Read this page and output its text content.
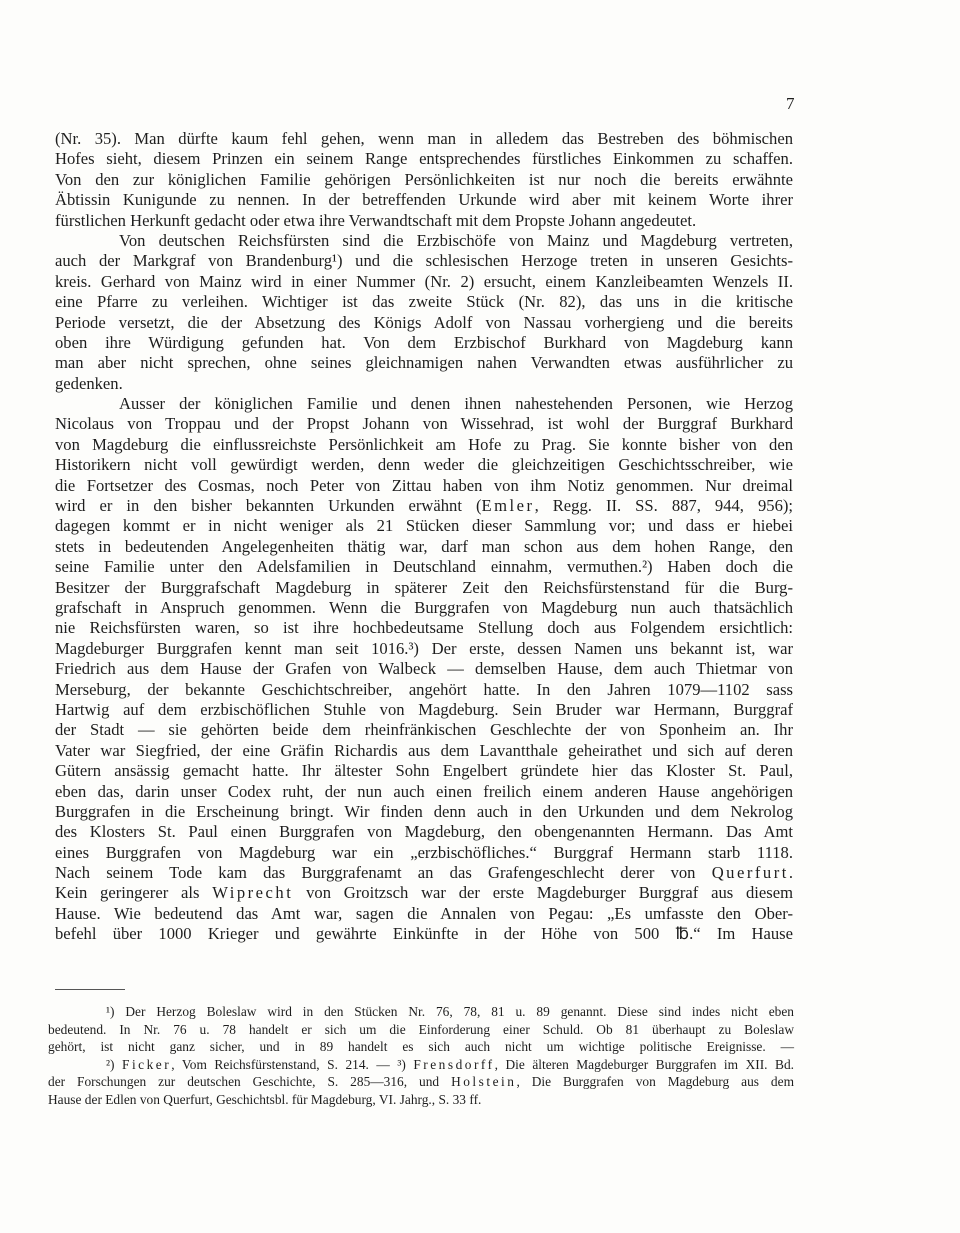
7
(Nr. 35). Man dürfte kaum fehl gehen, wenn man in alledem das Bestreben des böhmischen
Hofes sieht, diesem Prinzen ein seinem Range entsprechendes fürstliches Einkommen zu schaffen.
Von den zur königlichen Familie gehörigen Persönlichkeiten ist nur noch die bereits erwähnte
Äbtissin Kunigunde zu nennen. In der betreffenden Urkunde wird aber mit keinem Worte ihrer
fürstlichen Herkunft gedacht oder etwa ihre Verwandtschaft mit dem Propste Johann angedeutet.
Von deutschen Reichsfürsten sind die Erzbischöfe von Mainz und Magdeburg vertreten,
auch der Markgraf von Brandenburg¹) und die schlesischen Herzoge treten in unseren Gesichts-
kreis. Gerhard von Mainz wird in einer Nummer (Nr. 2) ersucht, einem Kanzleibeamten Wenzels II.
eine Pfarre zu verleihen. Wichtiger ist das zweite Stück (Nr. 82), das uns in die kritische
Periode versetzt, die der Absetzung des Königs Adolf von Nassau vorhergieng und die bereits
oben ihre Würdigung gefunden hat. Von dem Erzbischof Burkhard von Magdeburg kann
man aber nicht sprechen, ohne seines gleichnamigen nahen Verwandten etwas ausführlicher zu
gedenken.
Ausser der königlichen Familie und denen ihnen nahestehenden Personen, wie Herzog
Nicolaus von Troppau und der Propst Johann von Wissehrad, ist wohl der Burggraf Burkhard
von Magdeburg die einflussreichste Persönlichkeit am Hofe zu Prag. Sie konnte bisher von den
Historikern nicht voll gewürdigt werden, denn weder die gleichzeitigen Geschichtsschreiber, wie
die Fortsetzer des Cosmas, noch Peter von Zittau haben von ihm Notiz genommen. Nur dreimal
wird er in den bisher bekannten Urkunden erwähnt (Emler, Regg. II. SS. 887, 944, 956);
dagegen kommt er in nicht weniger als 21 Stücken dieser Sammlung vor; und dass er hiebei
stets in bedeutenden Angelegenheiten thätig war, darf man schon aus dem hohen Range, den
seine Familie unter den Adelsfamilien in Deutschland einnahm, vermuthen.²) Haben doch die
Besitzer der Burggrafschaft Magdeburg in späterer Zeit den Reichsfürstenstand für die Burg-
grafschaft in Anspruch genommen. Wenn die Burggrafen von Magdeburg nun auch thatsächlich
nie Reichsfürsten waren, so ist ihre hochbedeutsame Stellung doch aus Folgendem ersichtlich:
Magdeburger Burggrafen kennt man seit 1016.³) Der erste, dessen Namen uns bekannt ist, war
Friedrich aus dem Hause der Grafen von Walbeck — demselben Hause, dem auch Thietmar von
Merseburg, der bekannte Geschichtschreiber, angehört hatte. In den Jahren 1079—1102 sass
Hartwig auf dem erzbischöflichen Stuhle von Magdeburg. Sein Bruder war Hermann, Burggraf
der Stadt — sie gehörten beide dem rheinfränkischen Geschlechte der von Sponheim an. Ihr
Vater war Siegfried, der eine Gräfin Richardis aus dem Lavantthale geheirathet und sich auf deren
Gütern ansässig gemacht hatte. Ihr ältester Sohn Engelbert gründete hier das Kloster St. Paul,
eben das, darin unser Codex ruht, der nun auch einen freilich einem anderen Hause angehörigen
Burggrafen in die Erscheinung bringt. Wir finden denn auch in den Urkunden und dem Nekrolog
des Klosters St. Paul einen Burggrafen von Magdeburg, den obengenannten Hermann. Das Amt
eines Burggrafen von Magdeburg war ein „erzbischöfliches.“ Burggraf Hermann starb 1118.
Nach seinem Tode kam das Burggrafenamt an das Grafengeschlecht derer von Querfurt.
Kein geringerer als Wiprecht von Groitzsch war der erste Magdeburger Burggraf aus diesem
Hause. Wie bedeutend das Amt war, sagen die Annalen von Pegau: „Es umfasste den Ober-
befehl über 1000 Krieger und gewährte Einkünfte in der Höhe von 500 ℔.“ Im Hause
¹) Der Herzog Boleslaw wird in den Stücken Nr. 76, 78, 81 u. 89 genannt. Diese sind indes nicht eben
bedeutend. In Nr. 76 u. 78 handelt er sich um die Einforderung einer Schuld. Ob 81 überhaupt zu Boleslaw
gehört, ist nicht ganz sicher, und in 89 handelt es sich auch nicht um wichtige politische Ereignisse. —
²) Ficker, Vom Reichsfürstenstand, S. 214. — ³) Frensdorff, Die älteren Magdeburger Burggrafen im XII. Bd.
der Forschungen zur deutschen Geschichte, S. 285—316, und Holstein, Die Burggrafen von Magdeburg aus dem
Hause der Edlen von Querfurt, Geschichtsbl. für Magdeburg, VI. Jahrg., S. 33 ff.
